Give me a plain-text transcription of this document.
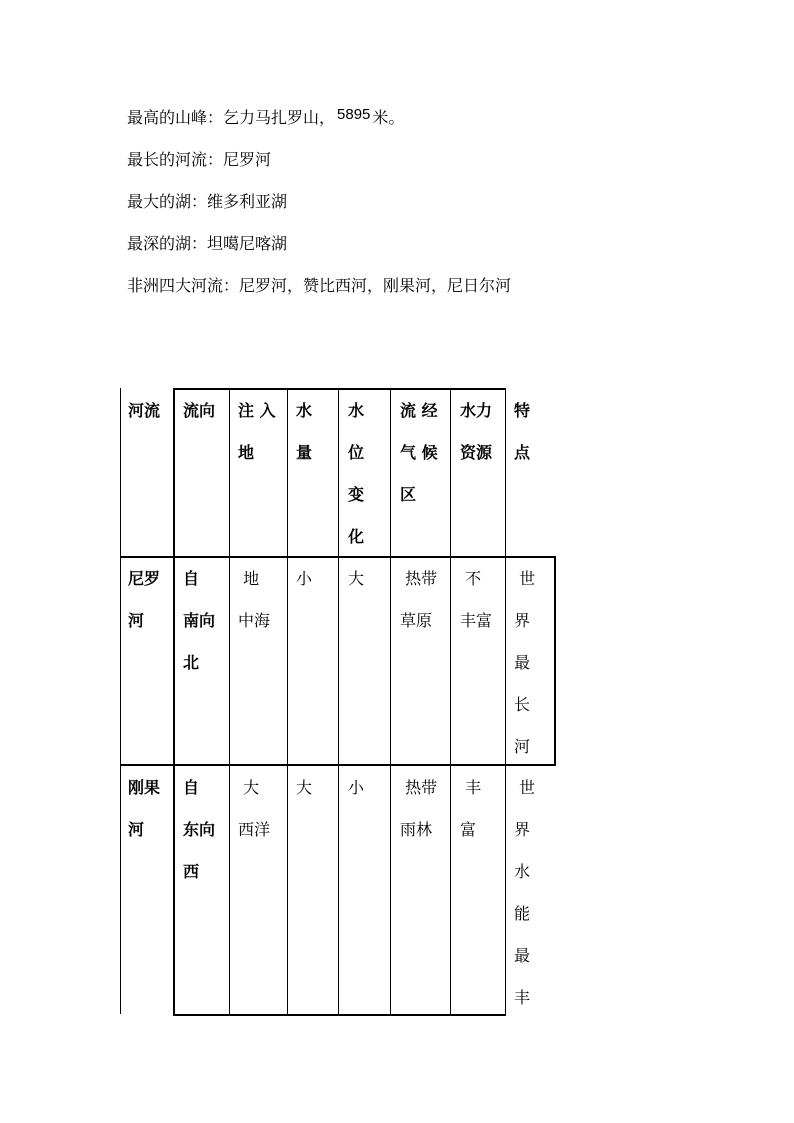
最高的山峰：乞力马扎罗山， 5895 米。
最长的河流：尼罗河
最大的湖：维多利亚湖
最深的湖：坦噶尼喀湖
非洲四大河流：尼罗河，赞比西河，刚果河，尼日尔河
河流 流向 注 入
地
水
量
水
位
变
化
流 经
气 候
区
水力
资源
特
点
尼罗
河
自
南向
北
地
中海
小 大 热带
草原
不
丰富
世
界
最
长
河
刚果
河
自
东向
西
大
西洋
大 小 热带
雨林
丰
富
世
界
水
能
最
丰
